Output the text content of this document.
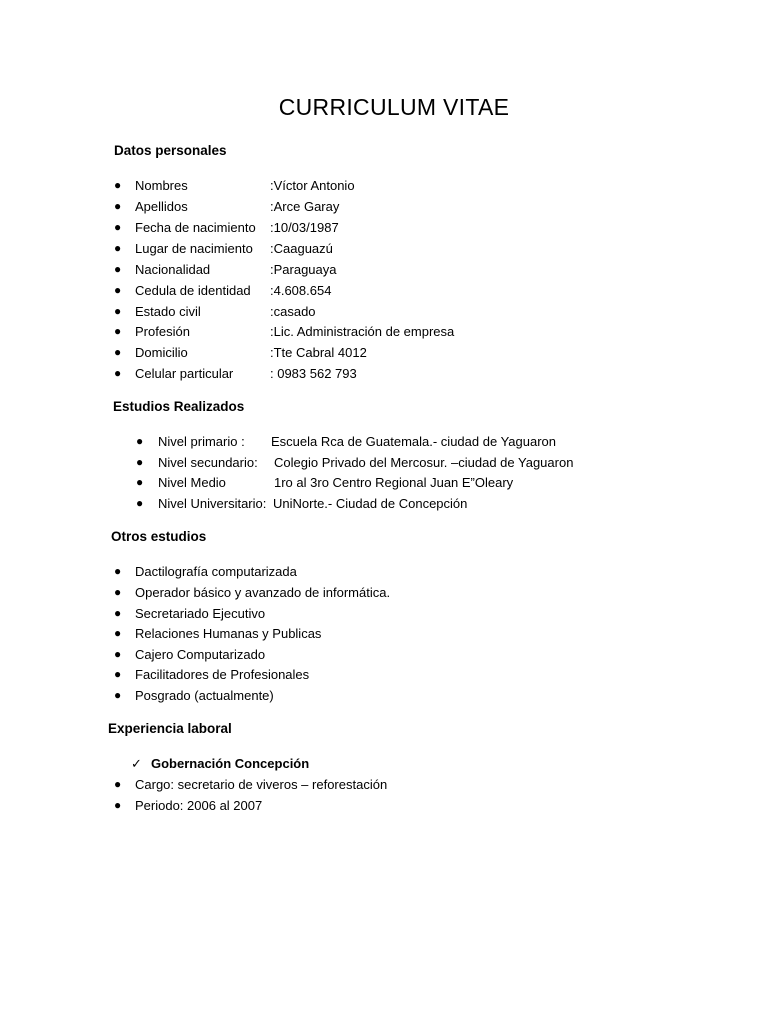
CURRICULUM VITAE
Datos personales
● Nombres	:Víctor Antonio
● Apellidos	:Arce Garay
● Fecha de nacimiento :10/03/1987
● Lugar de nacimiento :Caaguazú
● Nacionalidad	:Paraguaya
● Cedula de identidad :4.608.654
● Estado civil	:casado
● Profesión	:Lic. Administración de empresa
● Domicilio	:Tte Cabral 4012
● Celular particular	: 0983 562 793
Estudios Realizados
● Nivel primario : Escuela Rca de Guatemala.- ciudad de Yaguaron
● Nivel secundario: Colegio Privado del Mercosur. –ciudad de Yaguaron
● Nivel Medio	1ro al 3ro Centro Regional Juan E”Oleary
● Nivel Universitario: UniNorte.- Ciudad de Concepción
Otros estudios
● Dactilografía computarizada
● Operador básico y avanzado de informática.
● Secretariado Ejecutivo
● Relaciones Humanas y Publicas
● Cajero Computarizado
● Facilitadores de Profesionales
● Posgrado (actualmente)
Experiencia laboral
✓ Gobernación Concepción
● Cargo: secretario de viveros – reforestación
● Periodo: 2006 al 2007
